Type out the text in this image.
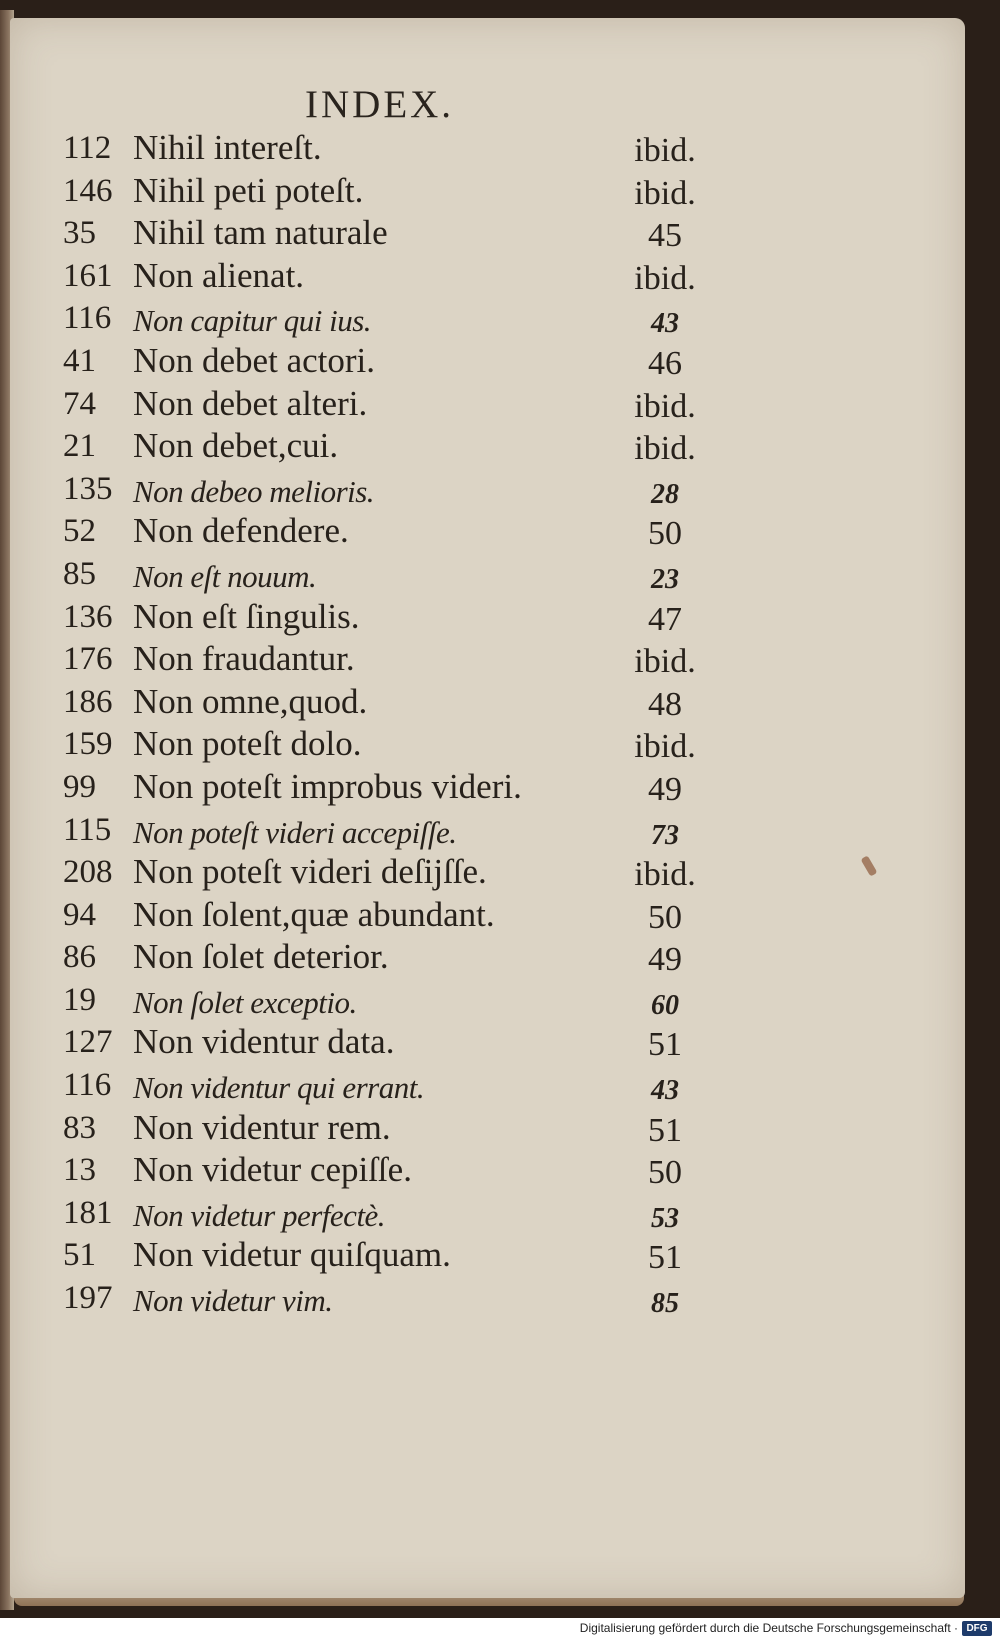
INDEX.
112 Nihil intereſt.	ibid.
146 Nihil peti poteſt.	ibid.
35	Nihil tam naturale	45
161 Non alienat.	ibid.
116 Non capitur qui ius.	43
41	Non debet actori.	46
74	Non debet alteri.	ibid.
21	Non debet,cui.	ibid.
135 Non debeo melioris.	28
52	Non defendere.	50
85	Non eſt nouum.	23
136 Non eſt ſingulis.	47
176 Non fraudantur.	ibid.
186 Non omne,quod.	48
159 Non poteſt dolo.	ibid.
99	Non poteſt improbus videri.	49
115 Non poteſt videri accepiſſe.	73
208 Non poteſt videri deſijſſe.	ibid.
94	Non ſolent,quæ abundant.	50
86	Non ſolet deterior.	49
19	Non ſolet exceptio.	60
127 Non videntur data.	51
116 Non videntur qui errant.	43
83	Non videntur rem.	51
13	Non videtur cepiſſe.	50
181 Non videtur perfectè.	53
51	Non videtur quiſquam.	51
197 Non videtur vim.	85
Digitalisierung gefördert durch die Deutsche Forschungsgemeinschaft · DFG
